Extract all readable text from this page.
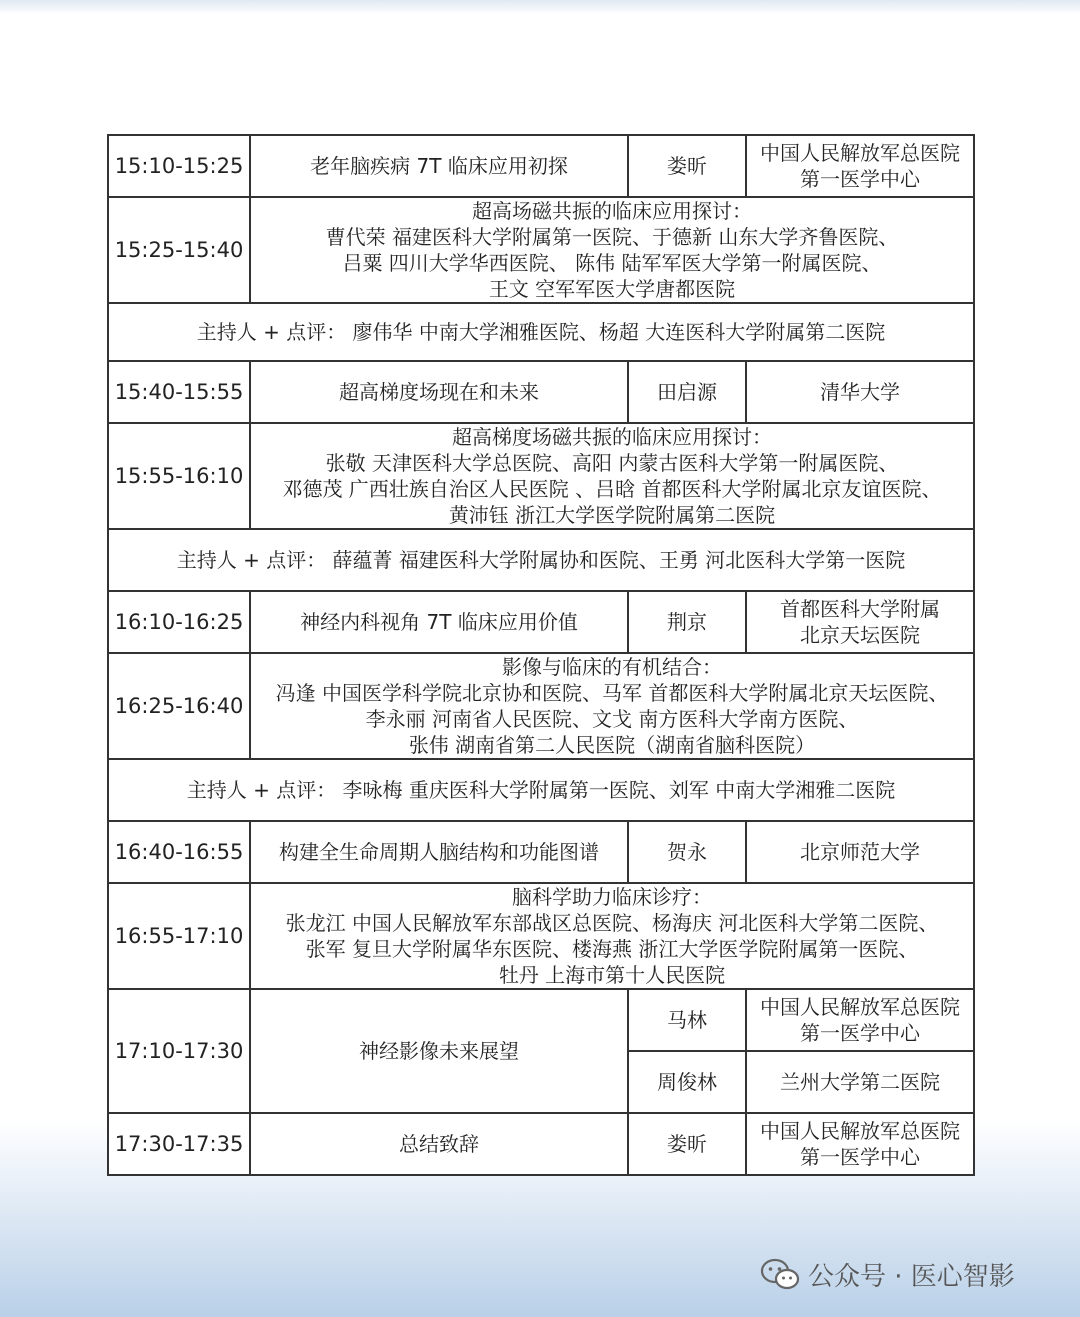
15:10-15:25	老年脑疾病 7T 临床应用初探	娄昕	中国人民解放军总医院
第一医学中心

15:25-15:40	超高场磁共振的临床应用探讨：
曹代荣 福建医科大学附属第一医院、于德新 山东大学齐鲁医院、
吕粟 四川大学华西医院、 陈伟 陆军军医大学第一附属医院、
王文 空军军医大学唐都医院		

主持人 + 点评： 廖伟华 中南大学湘雅医院、杨超 大连医科大学附属第二医院			

15:40-15:55	超高梯度场现在和未来	田启源	清华大学

15:55-16:10	超高梯度场磁共振的临床应用探讨：
张敬 天津医科大学总医院、高阳 内蒙古医科大学第一附属医院、
邓德茂 广西壮族自治区人民医院 、吕晗 首都医科大学附属北京友谊医院、
黄沛钰 浙江大学医学院附属第二医院		

主持人 + 点评： 薛蕴菁 福建医科大学附属协和医院、王勇 河北医科大学第一医院			

16:10-16:25	神经内科视角 7T 临床应用价值	荆京	首都医科大学附属
北京天坛医院

16:25-16:40	影像与临床的有机结合：
冯逢 中国医学科学院北京协和医院、马军 首都医科大学附属北京天坛医院、
李永丽 河南省人民医院、文戈 南方医科大学南方医院、
张伟 湖南省第二人民医院（湖南省脑科医院）		

主持人 + 点评： 李咏梅 重庆医科大学附属第一医院、刘军 中南大学湘雅二医院			

16:40-16:55	构建全生命周期人脑结构和功能图谱	贺永	北京师范大学

16:55-17:10	脑科学助力临床诊疗：
张龙江 中国人民解放军东部战区总医院、杨海庆 河北医科大学第二医院、
张军 复旦大学附属华东医院、楼海燕 浙江大学医学院附属第一医院、
牡丹 上海市第十人民医院		

17:10-17:30	神经影像未来展望	马林	中国人民解放军总医院
第一医学中心

		周俊林	兰州大学第二医院

17:30-17:35	总结致辞	娄昕	中国人民解放军总医院
第一医学中心
公众号 · 医心智影
